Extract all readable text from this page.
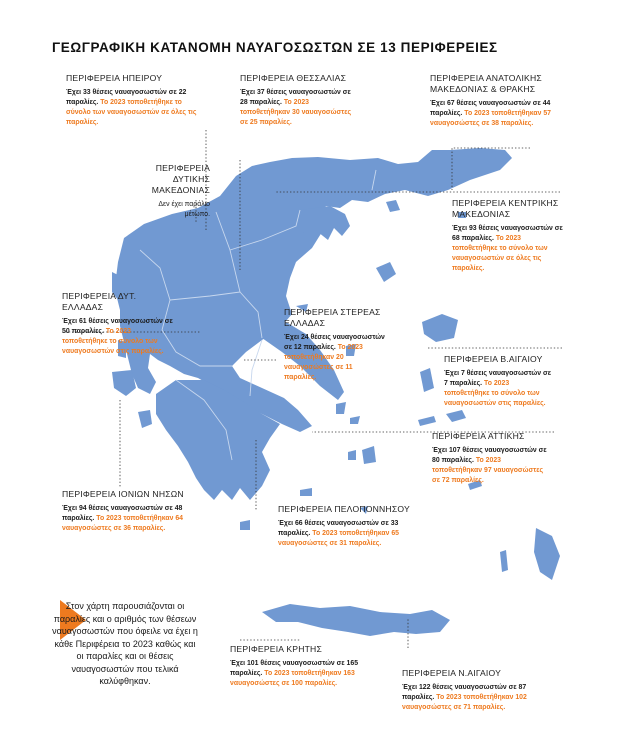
ΓΕΩΓΡΑΦΙΚΗ ΚΑΤΑΝΟΜΗ ΝΑΥΑΓΟΣΩΣΤΩΝ ΣΕ 13 ΠΕΡΙΦΕΡΕΙΕΣ
ΠΕΡΙΦΕΡΕΙΑ ΗΠΕΙΡΟΥ
Έχει 33 θέσεις ναυαγοσωστών σε 22 παραλίες. Το 2023 τοποθετήθηκε το σύνολο των ναυαγοσωστών σε όλες τις παραλίες.
ΠΕΡΙΦΕΡΕΙΑ ΘΕΣΣΑΛΙΑΣ
Έχει 37 θέσεις ναυαγοσωστών σε 28 παραλίες. Το 2023 τοποθετήθηκαν 30 ναυαγοσώστες σε 25 παραλίες.
ΠΕΡΙΦΕΡΕΙΑ ΑΝΑΤΟΛΙΚΗΣ ΜΑΚΕΔΟΝΙΑΣ & ΘΡΑΚΗΣ
Έχει 67 θέσεις ναυαγοσωστών σε 44 παραλίες. Το 2023 τοποθετήθηκαν 57 ναυαγοσώστες σε 38 παραλίες.
ΠΕΡΙΦΕΡΕΙΑ ΔΥΤΙΚΗΣ ΜΑΚΕΔΟΝΙΑΣ
Δεν έχει παράλιο μέτωπο.
ΠΕΡΙΦΕΡΕΙΑ ΚΕΝΤΡΙΚΗΣ ΜΑΚΕΔΟΝΙΑΣ
Έχει 93 θέσεις ναυαγοσωστών σε 68 παραλίες. Το 2023 τοποθετήθηκε το σύνολο των ναυαγοσωστών σε όλες τις παραλίες.
ΠΕΡΙΦΕΡΕΙΑ ΔΥΤ. ΕΛΛΑΔΑΣ
Έχει 61 θέσεις ναυαγοσωστών σε 50 παραλίες. Το 2023 τοποθετήθηκε το σύνολο των ναυαγοσωστών στις παραλίες.
ΠΕΡΙΦΕΡΕΙΑ ΣΤΕΡΕΑΣ ΕΛΛΑΔΑΣ
Έχει 24 θέσεις ναυαγοσωστών σε 12 παραλίες. Το 2023 τοποθετήθηκαν 20 ναυαγοσώστες σε 11 παραλίες.
ΠΕΡΙΦΕΡΕΙΑ Β.ΑΙΓΑΙΟΥ
Έχει 7 θέσεις ναυαγοσωστών σε 7 παραλίες. Το 2023 τοποθετήθηκε το σύνολο των ναυαγοσωστών στις παραλίες.
ΠΕΡΙΦΕΡΕΙΑ ΑΤΤΙΚΗΣ
Έχει 107 θέσεις ναυαγοσωστών σε 80 παραλίες. Το 2023 τοποθετήθηκαν 97 ναυαγοσώστες σε 72 παραλίες.
ΠΕΡΙΦΕΡΕΙΑ ΙΟΝΙΩΝ ΝΗΣΩΝ
Έχει 94 θέσεις ναυαγοσωστών σε 48 παραλίες. Το 2023 τοποθετήθηκαν 64 ναυαγοσώστες σε 36 παραλίες.
ΠΕΡΙΦΕΡΕΙΑ ΠΕΛΟΠΟΝΝΗΣΟΥ
Έχει 66 θέσεις ναυαγοσωστών σε 33 παραλίες. Το 2023 τοποθετήθηκαν 65 ναυαγοσώστες σε 31 παραλίες.
ΠΕΡΙΦΕΡΕΙΑ ΚΡΗΤΗΣ
Έχει 101 θέσεις ναυαγοσωστών σε 165 παραλίες. Το 2023 τοποθετήθηκαν 163 ναυαγοσώστες σε 100 παραλίες.
ΠΕΡΙΦΕΡΕΙΑ Ν.ΑΙΓΑΙΟΥ
Έχει 122 θέσεις ναυαγοσωστών σε 87 παραλίες. Το 2023 τοποθετήθηκαν 102 ναυαγοσώστες σε 71 παραλίες.
Στον χάρτη παρουσιάζονται οι παραλίες και ο αριθμός των θέσεων ναυαγοσωστών που όφειλε να έχει η κάθε Περιφέρεια το 2023 καθώς και οι παραλίες και οι θέσεις ναυαγοσωστών που τελικά καλύφθηκαν.
